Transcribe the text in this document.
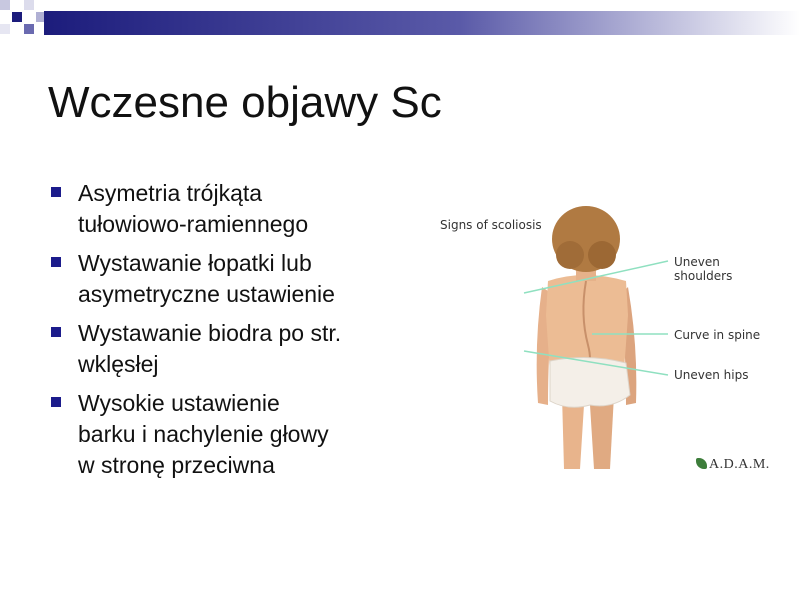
Wczesne objawy Sc
Asymetria trójkąta
tułowiowo-ramiennego
Wystawanie łopatki lub
asymetryczne ustawienie
Wystawanie biodra po str.
wklęsłej
Wysokie ustawienie
barku i nachylenie głowy
w stronę przeciwna
Signs of scoliosis
Uneven
shoulders
Curve in spine
Uneven hips
A.D.A.M.
